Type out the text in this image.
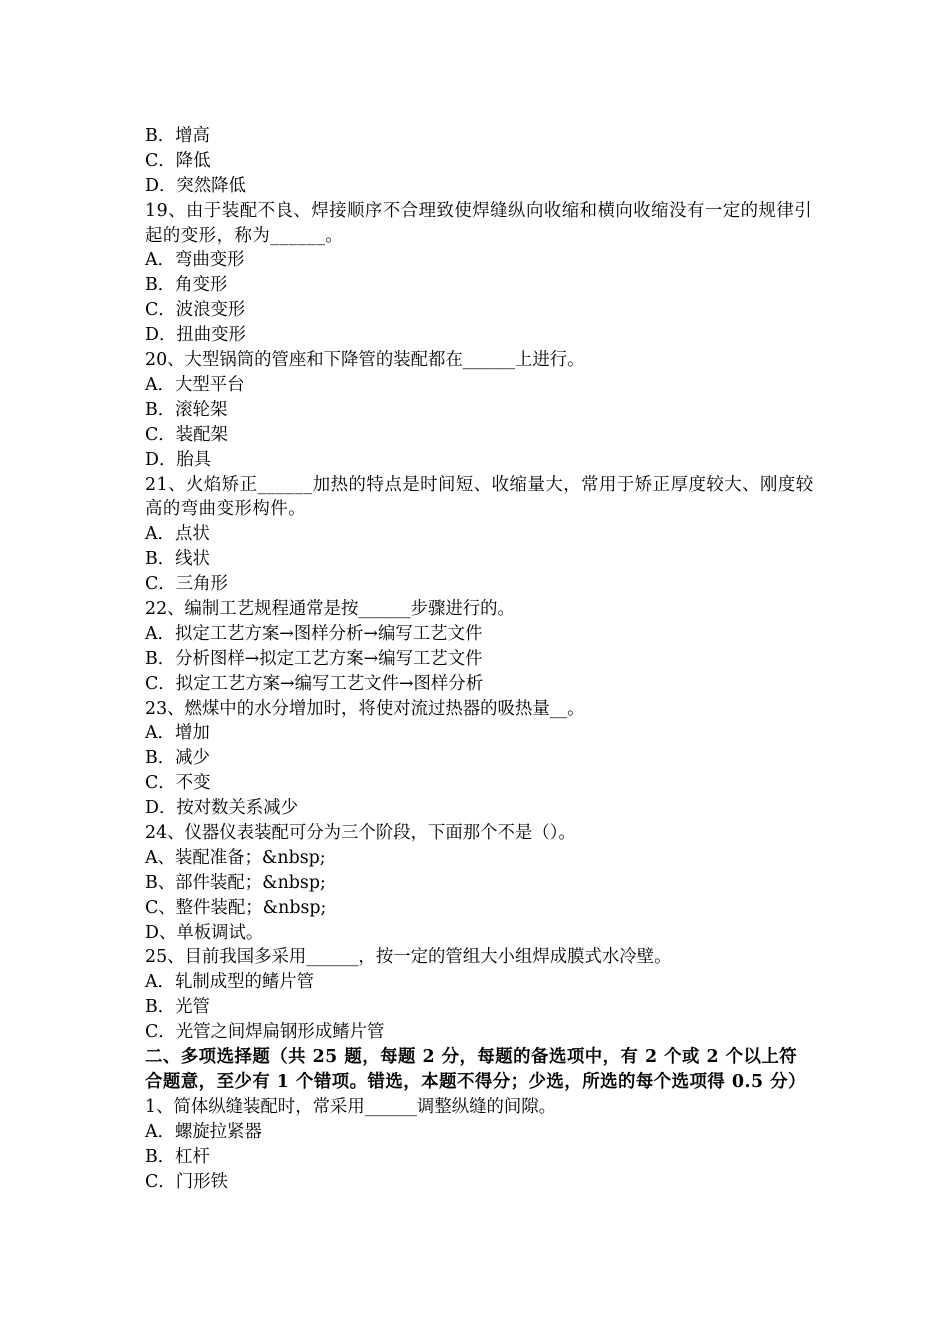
B．增高
C．降低
D．突然降低
19、由于装配不良、焊接顺序不合理致使焊缝纵向收缩和横向收缩没有一定的规律引起的变形，称为______。
A．弯曲变形
B．角变形
C．波浪变形
D．扭曲变形
20、大型锅筒的管座和下降管的装配都在______上进行。
A．大型平台
B．滚轮架
C．装配架
D．胎具
21、火焰矫正______加热的特点是时间短、收缩量大，常用于矫正厚度较大、刚度较高的弯曲变形构件。
A．点状
B．线状
C．三角形
22、编制工艺规程通常是按______步骤进行的。
A．拟定工艺方案→图样分析→编写工艺文件
B．分析图样→拟定工艺方案→编写工艺文件
C．拟定工艺方案→编写工艺文件→图样分析
23、燃煤中的水分增加时，将使对流过热器的吸热量__。
A．增加
B．减少
C．不变
D．按对数关系减少
24、仪器仪表装配可分为三个阶段，下面那个不是（）。
A、装配准备；&nbsp;
B、部件装配；&nbsp;
C、整件装配；&nbsp;
D、单板调试。
25、目前我国多采用______，按一定的管组大小组焊成膜式水冷壁。
A．轧制成型的鳍片管
B．光管
C．光管之间焊扁钢形成鳍片管
二、多项选择题（共 25 题，每题 2 分，每题的备选项中，有 2 个或 2 个以上符合题意，至少有 1 个错项。错选，本题不得分；少选，所选的每个选项得 0.5 分）
1、简体纵缝装配时，常采用______调整纵缝的间隙。
A．螺旋拉紧器
B．杠杆
C．门形铁
